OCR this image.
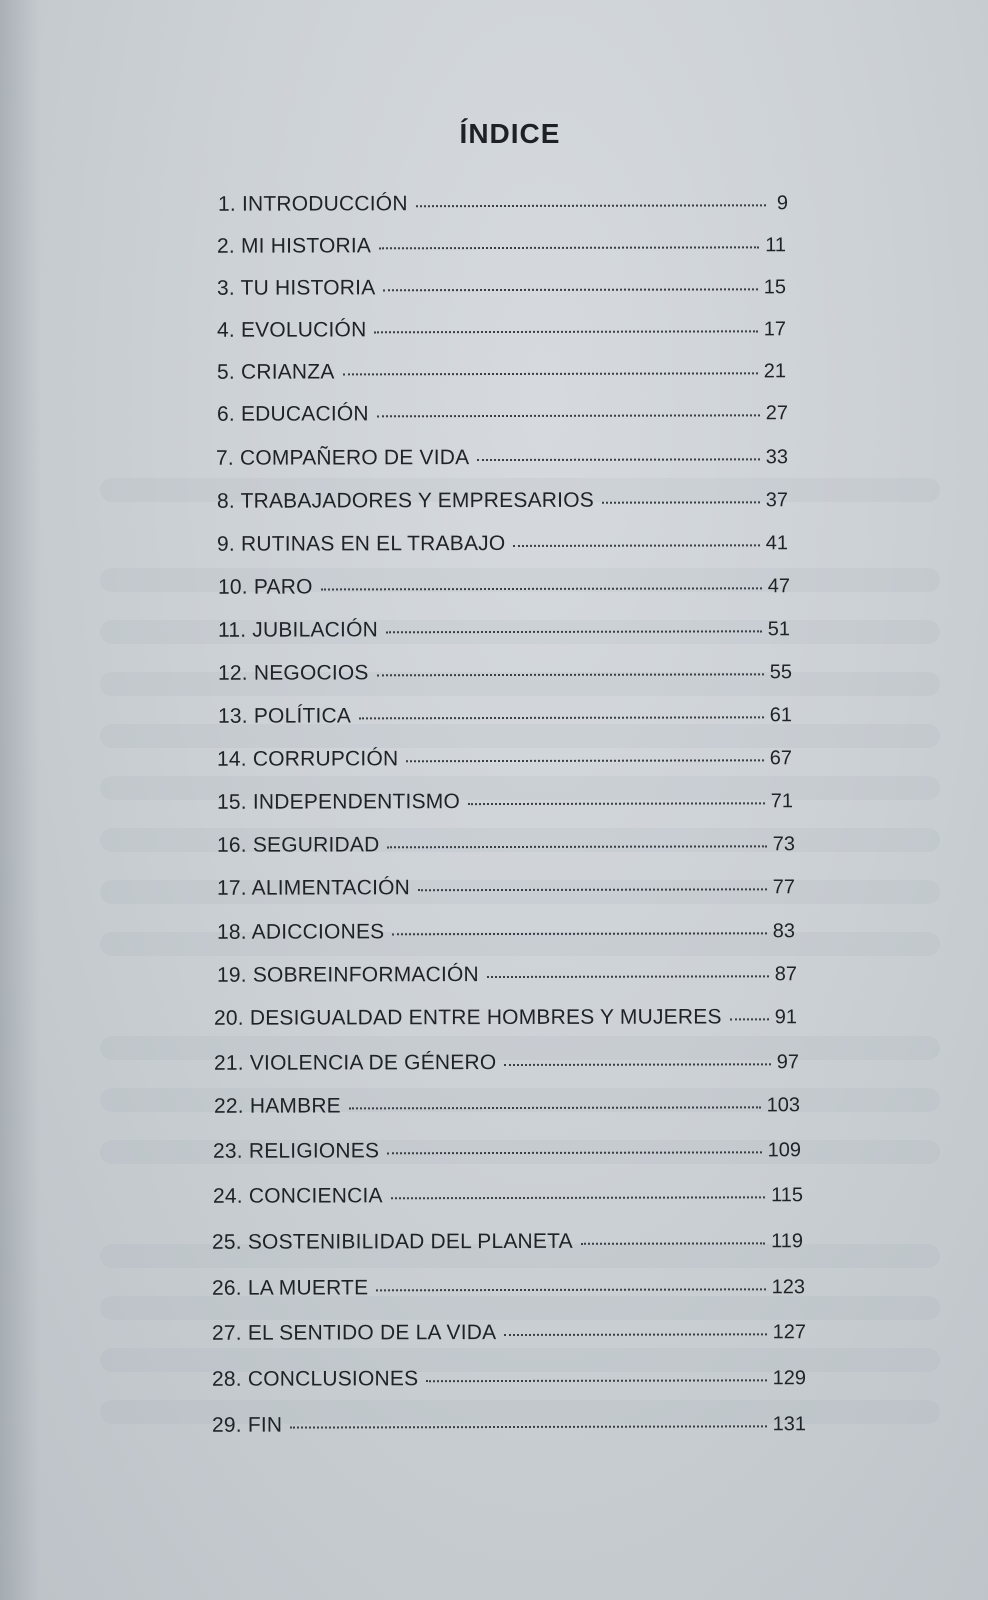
ÍNDICE
1. INTRODUCCIÓN	9
2. MI HISTORIA	11
3. TU HISTORIA	15
4. EVOLUCIÓN	17
5. CRIANZA	21
6. EDUCACIÓN	27
7. COMPAÑERO DE VIDA	33
8. TRABAJADORES Y EMPRESARIOS	37
9. RUTINAS EN EL TRABAJO	41
10. PARO	47
11. JUBILACIÓN	51
12. NEGOCIOS	55
13. POLÍTICA	61
14. CORRUPCIÓN	67
15. INDEPENDENTISMO	71
16. SEGURIDAD	73
17. ALIMENTACIÓN	77
18. ADICCIONES	83
19. SOBREINFORMACIÓN	87
20. DESIGUALDAD ENTRE HOMBRES Y MUJERES	91
21. VIOLENCIA DE GÉNERO	97
22. HAMBRE	103
23. RELIGIONES	109
24. CONCIENCIA	115
25. SOSTENIBILIDAD DEL PLANETA	119
26. LA MUERTE	123
27. EL SENTIDO DE LA VIDA	127
28. CONCLUSIONES	129
29. FIN	131
